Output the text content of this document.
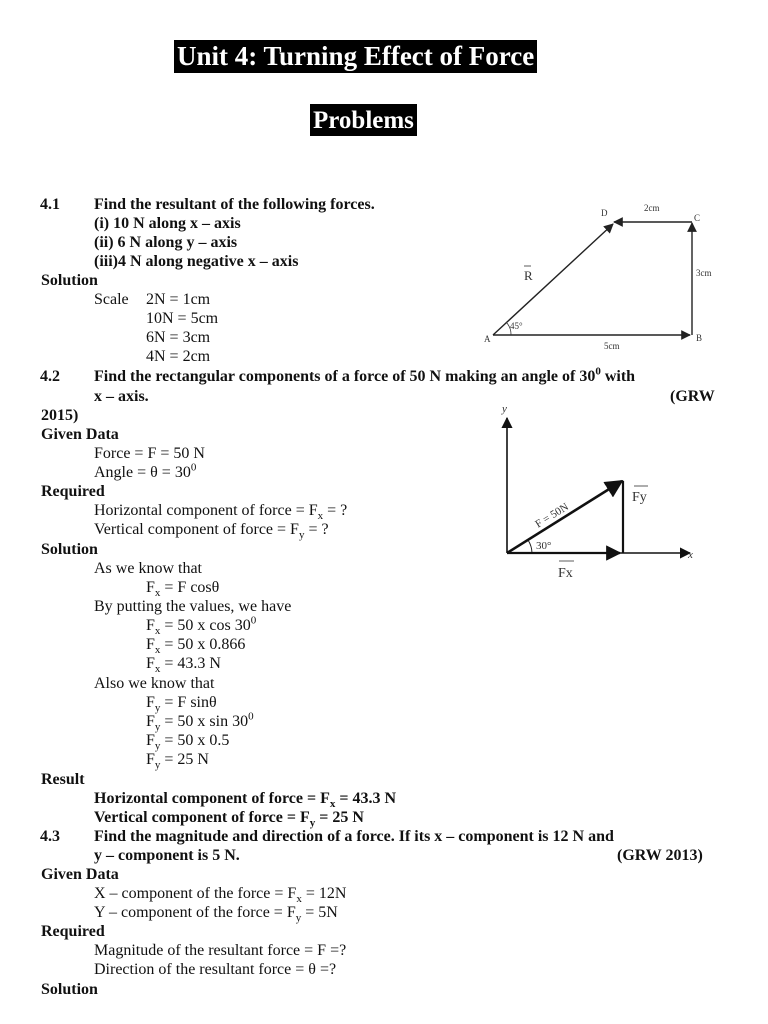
Unit 4: Turning Effect of Force
Problems
4.1 Find the resultant of the following forces.
(i) 10 N along x – axis
(ii) 6 N along y – axis
(iii)4 N along negative x – axis
Solution
Scale 2N = 1cm
10N = 5cm
6N = 3cm
4N = 2cm
A	B
C
D	2cm
3cm
5cm
R
45°
4.2 Find the rectangular components of a force of 50 N making an angle of $30^0$ with
x – axis.	(GRW
2015)
Given Data
Force = F = 50 N
Angle = $\theta = 30^0$
Required
Horizontal component of force = $F_x$ = ?
Vertical component of force = $F_y$ = ?
Solution
As we know that
$F_x = F$ cosθ
By putting the values, we have
$F_x = 50$ x $\cos 30^0$
$F_x = 50$ x 0.866
$F_x = 43.3$ N
Also we know that
$F_y = F$ sinθ
$F_y = 50$ x $\sin 30^0$
$F_y = 50$ x 0.5
$F_y = 25$ N
Result
Horizontal component of force = $F_x = 43.3$ N
Vertical component of force = $F_y = 25$ N
y
x
F = 50N
30°
Fy
Fx
4.3 Find the magnitude and direction of a force. If its x – component is 12 N and
y – component is 5 N.	(GRW 2013)
Given Data
X – component of the force = $F_x = 12N$
Y – component of the force = $F_y = 5N$
Required
Magnitude of the resultant force = F =?
Direction of the resultant force = θ =?
Solution
